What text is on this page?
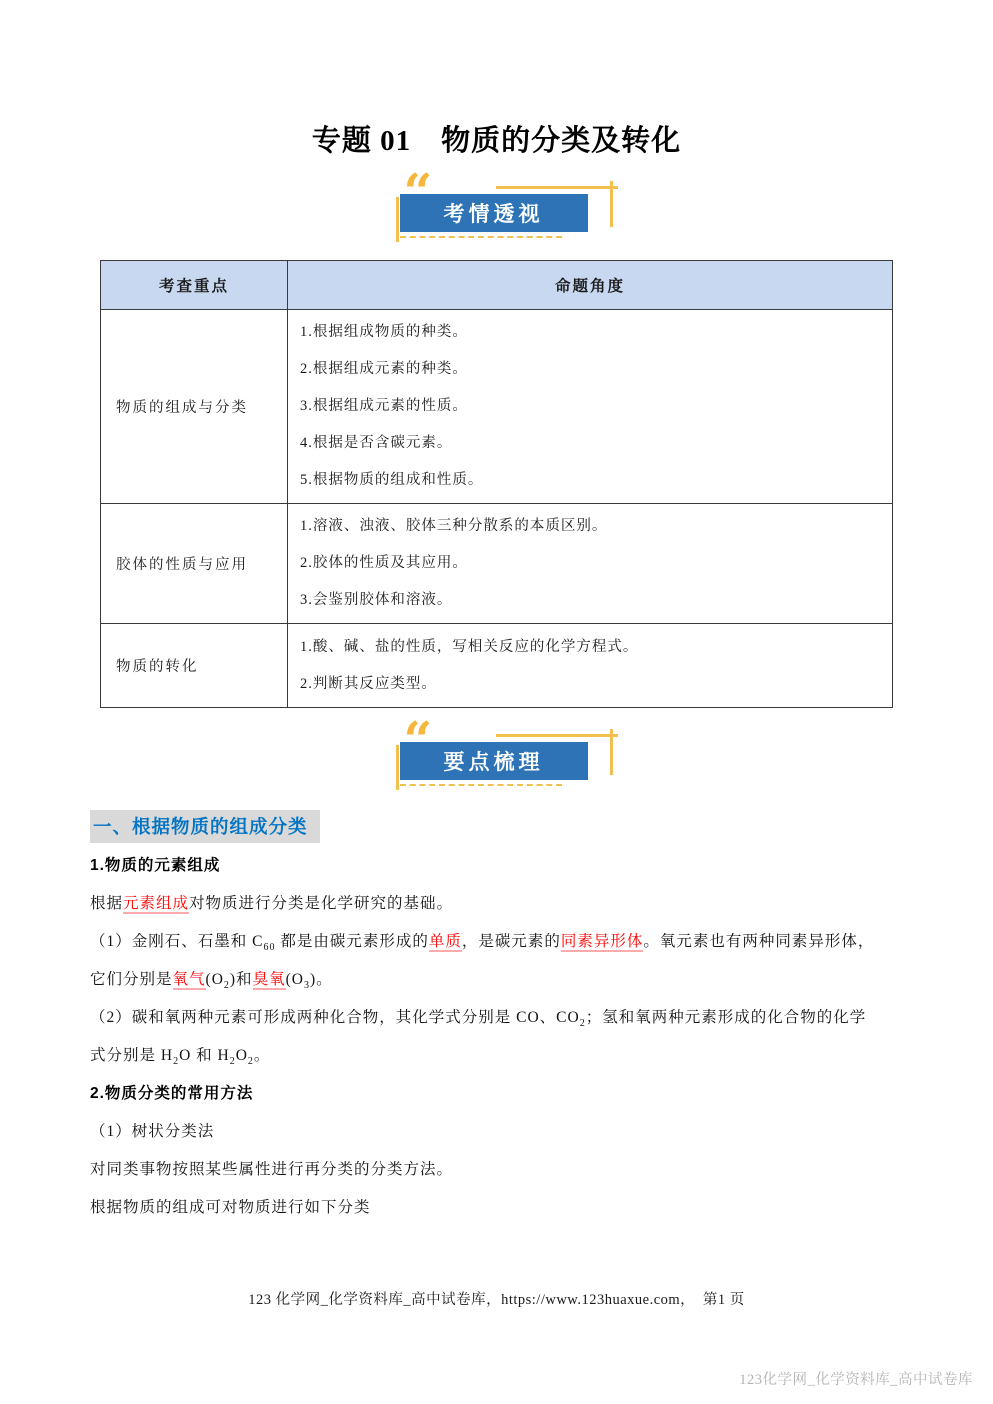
专题 01　物质的分类及转化
“ 考情透视
考查重点	命题角度
物质的组成与分类	1.根据组成物质的种类。

2.根据组成元素的种类。

3.根据组成元素的性质。

4.根据是否含碳元素。

5.根据物质的组成和性质。

胶体的性质与应用	1.溶液、浊液、胶体三种分散系的本质区别。

2.胶体的性质及其应用。

3.会鉴别胶体和溶液。

物质的转化	1.酸、碱、盐的性质，写相关反应的化学方程式。

2.判断其反应类型。

“ 要点梳理
一、根据物质的组成分类

1.物质的元素组成

根据元素组成对物质进行分类是化学研究的基础。

（1）金刚石、石墨和 $C_{60}$ 都是由碳元素形成的单质，是碳元素的同素异形体。氧元素也有两种同素异形体，

它们分别是氧气$(O_2)$和臭氧$(O_3)$。

（2）碳和氧两种元素可形成两种化合物，其化学式分别是 CO、$CO_2$；氢和氧两种元素形成的化合物的化学

式分别是 $H_2O$ 和 $H_2O_2$。

2.物质分类的常用方法

（1）树状分类法

对同类事物按照某些属性进行再分类的分类方法。

根据物质的组成可对物质进行如下分类

123 化学网_化学资料库_高中试卷库，https://www.123huaxue.com，　第1 页
123化学网_化学资料库_高中试卷库
